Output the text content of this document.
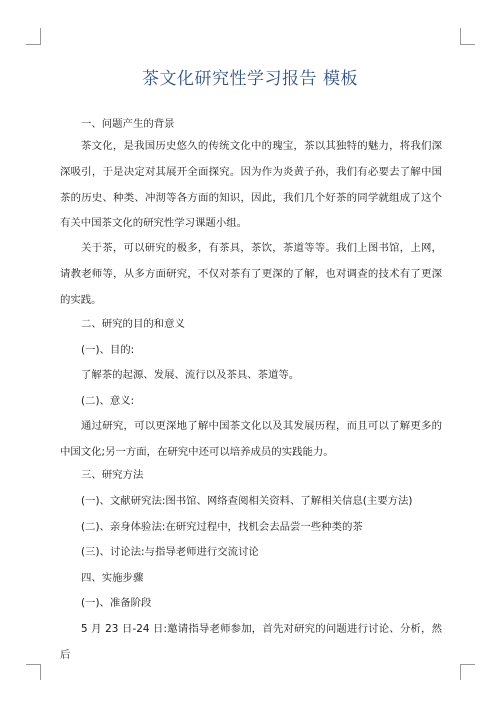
茶文化研究性学习报告 模板

一、问题产生的背景

茶文化，是我国历史悠久的传统文化中的瑰宝，茶以其独特的魅力，将我们深深吸引，于是决定对其展开全面探究。因为作为炎黄子孙，我们有必要去了解中国茶的历史、种类、冲沏等各方面的知识，因此，我们几个好茶的同学就组成了这个有关中国茶文化的研究性学习课题小组。

关于茶，可以研究的极多，有茶具，茶饮，茶道等等。我们上图书馆，上网，请教老师等，从多方面研究，不仅对茶有了更深的了解，也对调查的技术有了更深的实践。

二、研究的目的和意义

(一)、目的:

了解茶的起源、发展、流行以及茶具、茶道等。

(二)、意义:

通过研究，可以更深地了解中国茶文化以及其发展历程，而且可以了解更多的中国文化;另一方面，在研究中还可以培养成员的实践能力。

三、研究方法

(一)、文献研究法:图书馆、网络查阅相关资料、了解相关信息(主要方法)

(二)、亲身体验法:在研究过程中，找机会去品尝一些种类的茶

(三)、讨论法:与指导老师进行交流讨论

四、实施步骤

(一)、准备阶段

5 月 23 日-24 日:邀请指导老师参加，首先对研究的问题进行讨论、分析，然后
